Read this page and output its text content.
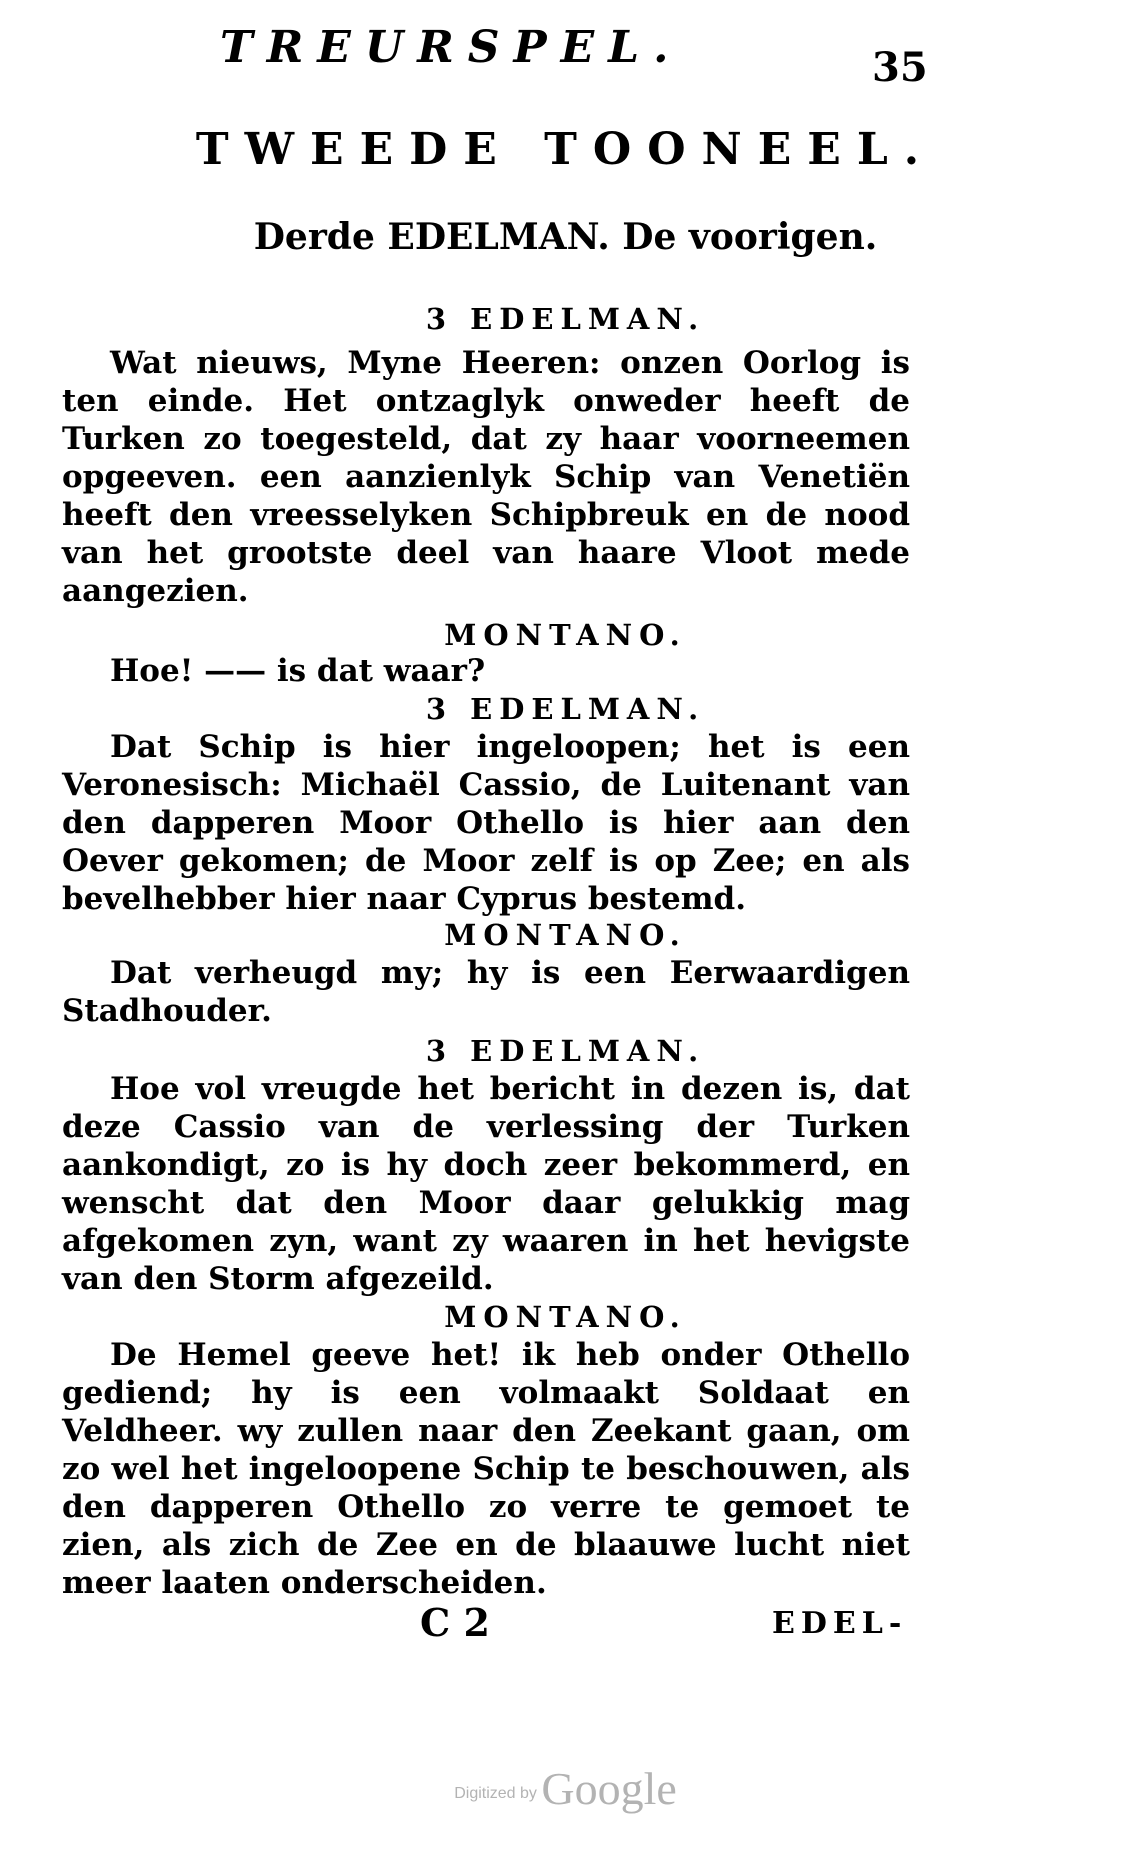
TREURSPEL.	35
TWEEDE TOONEEL.
Derde EDELMAN. De voorigen.
3 EDELMAN.

Wat nieuws, Myne Heeren: onzen Oorlog is ten einde. Het ontzaglyk onweder heeft de Turken zo toegesteld, dat zy haar voorneemen opgeeven. een aanzienlyk Schip van Venetiën heeft den vreesselyken Schipbreuk en de nood van het grootste deel van haare Vloot mede aangezien.

MONTANO.

Hoe! —— is dat waar?

3 EDELMAN.

Dat Schip is hier ingeloopen; het is een Veronesisch: Michaël Cassio, de Luitenant van den dapperen Moor Othello is hier aan den Oever gekomen; de Moor zelf is op Zee; en als bevelhebber hier naar Cyprus bestemd.

MONTANO.

Dat verheugd my; hy is een Eerwaardigen Stadhouder.

3 EDELMAN.

Hoe vol vreugde het bericht in dezen is, dat deze Cassio van de verlessing der Turken aankondigt, zo is hy doch zeer bekommerd, en wenscht dat den Moor daar gelukkig mag afgekomen zyn, want zy waaren in het hevigste van den Storm afgezeild.

MONTANO.

De Hemel geeve het! ik heb onder Othello gediend; hy is een volmaakt Soldaat en Veldheer. wy zullen naar den Zeekant gaan, om zo wel het ingeloopene Schip te beschouwen, als den dapperen Othello zo verre te gemoet te zien, als zich de Zee en de blaauwe lucht niet meer laaten onderscheiden.

C 2	EDEL-
Digitized by Google
